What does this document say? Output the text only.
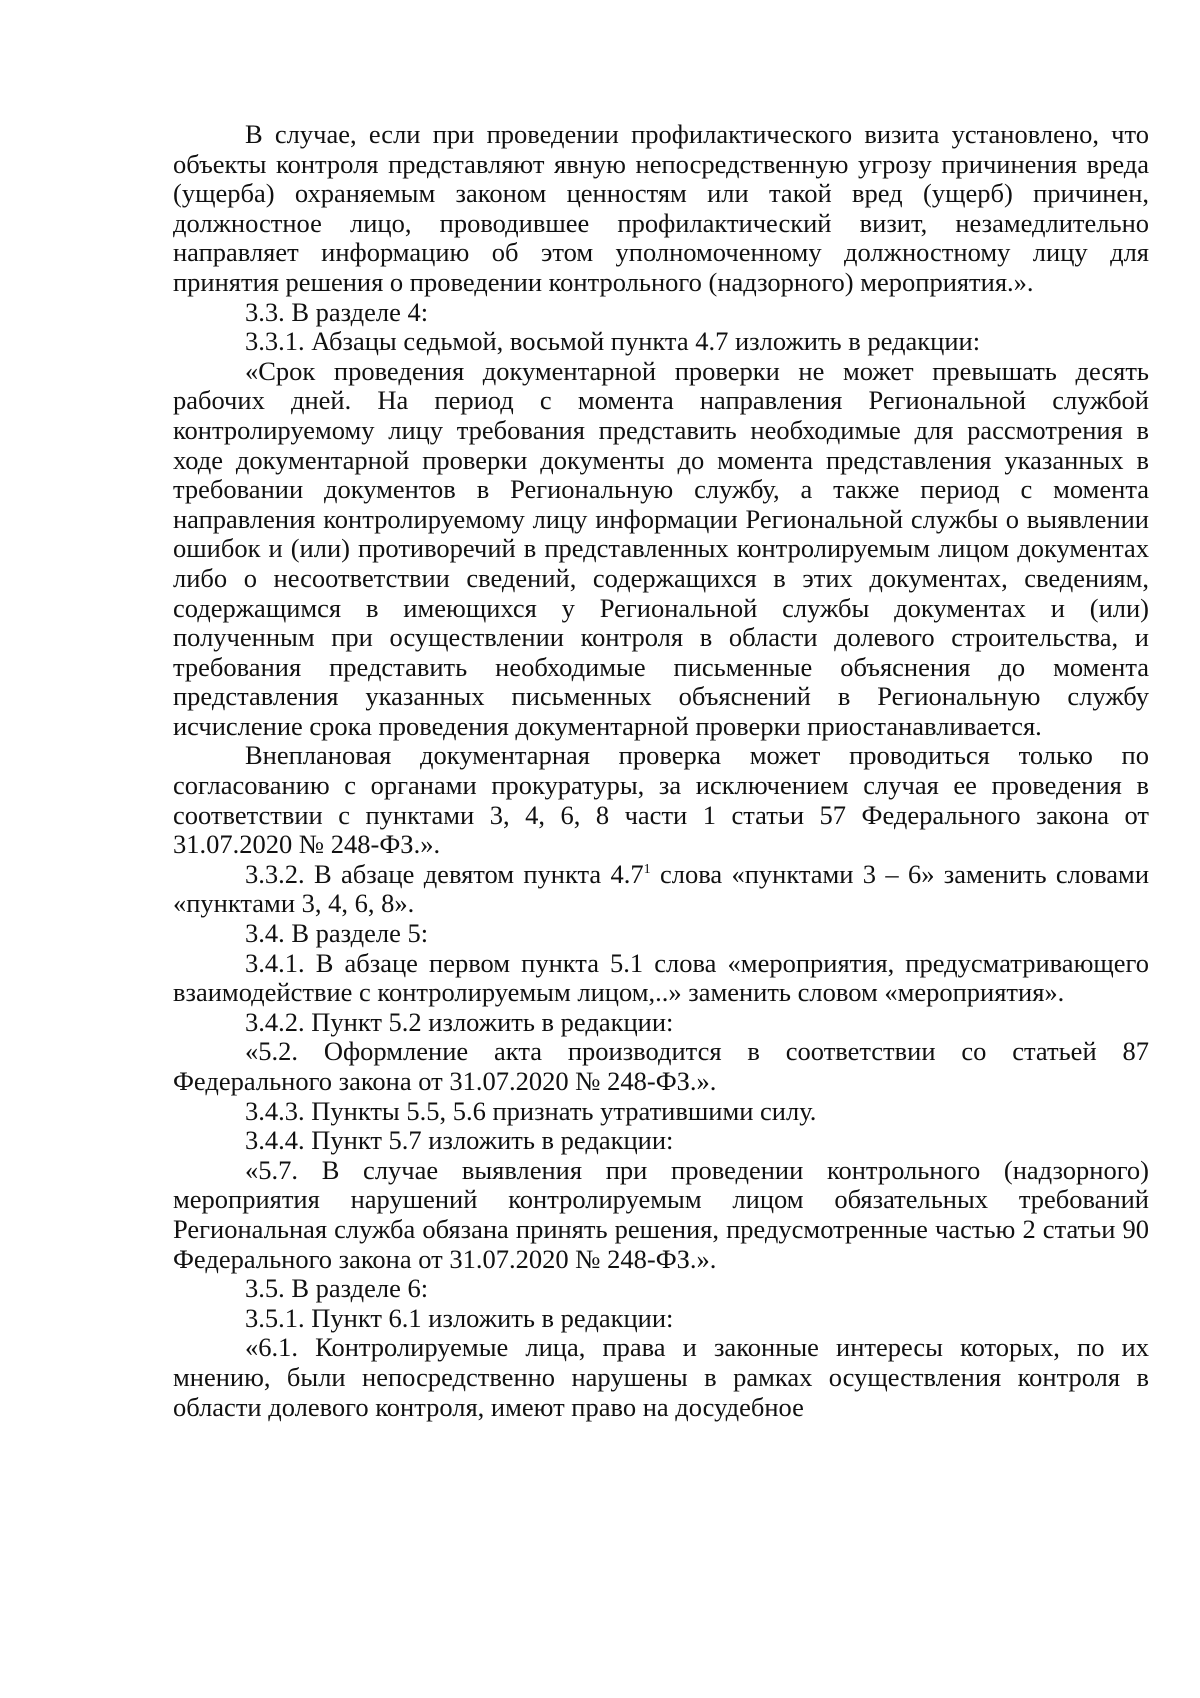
В случае, если при проведении профилактического визита установлено, что объекты контроля представляют явную непосредственную угрозу причинения вреда (ущерба) охраняемым законом ценностям или такой вред (ущерб) причинен, должностное лицо, проводившее профилактический визит, незамедлительно направляет информацию об этом уполномоченному должностному лицу для принятия решения о проведении контрольного (надзорного) мероприятия.».

3.3. В разделе 4:

3.3.1. Абзацы седьмой, восьмой пункта 4.7 изложить в редакции:

«Срок проведения документарной проверки не может превышать десять рабочих дней. На период с момента направления Региональной службой контролируемому лицу требования представить необходимые для рассмотрения в ходе документарной проверки документы до момента представления указанных в требовании документов в Региональную службу, а также период с момента направления контролируемому лицу информации Региональной службы о выявлении ошибок и (или) противоречий в представленных контролируемым лицом документах либо о несоответствии сведений, содержащихся в этих документах, сведениям, содержащимся в имеющихся у Региональной службы документах и (или) полученным при осуществлении контроля в области долевого строительства, и требования представить необходимые письменные объяснения до момента представления указанных письменных объяснений в Региональную службу исчисление срока проведения документарной проверки приостанавливается.

Внеплановая документарная проверка может проводиться только по согласованию с органами прокуратуры, за исключением случая ее проведения в соответствии с пунктами 3, 4, 6, 8 части 1 статьи 57 Федерального закона от 31.07.2020 № 248-ФЗ.».

3.3.2. В абзаце девятом пункта $4.7^1$ слова «пунктами 3 – 6» заменить словами «пунктами 3, 4, 6, 8».

3.4. В разделе 5:

3.4.1. В абзаце первом пункта 5.1 слова «мероприятия, предусматривающего взаимодействие с контролируемым лицом,..» заменить словом «мероприятия».

3.4.2. Пункт 5.2 изложить в редакции:

«5.2. Оформление акта производится в соответствии со статьей 87 Федерального закона от 31.07.2020 № 248-ФЗ.».

3.4.3. Пункты 5.5, 5.6 признать утратившими силу.

3.4.4. Пункт 5.7 изложить в редакции:

«5.7. В случае выявления при проведении контрольного (надзорного) мероприятия нарушений контролируемым лицом обязательных требований Региональная служба обязана принять решения, предусмотренные частью 2 статьи 90 Федерального закона от 31.07.2020 № 248-ФЗ.».

3.5. В разделе 6:

3.5.1. Пункт 6.1 изложить в редакции:

«6.1. Контролируемые лица, права и законные интересы которых, по их мнению, были непосредственно нарушены в рамках осуществления контроля в области долевого контроля, имеют право на досудебное
